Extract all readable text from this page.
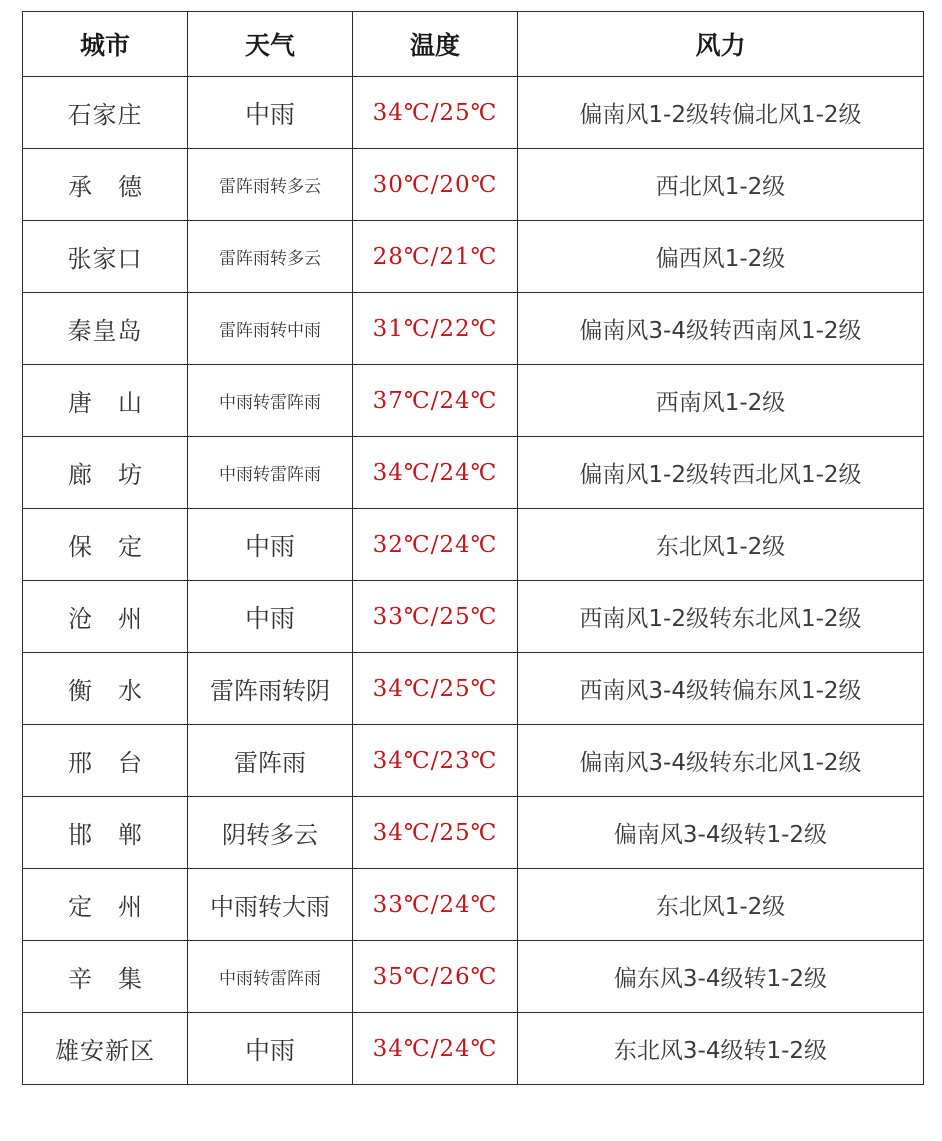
城市	天气	温度	风力
石家庄	中雨	34℃/25℃	偏南风1-2级转偏北风1-2级
承德	雷阵雨转多云	30℃/20℃	西北风1-2级
张家口	雷阵雨转多云	28℃/21℃	偏西风1-2级
秦皇岛	雷阵雨转中雨	31℃/22℃	偏南风3-4级转西南风1-2级
唐山	中雨转雷阵雨	37℃/24℃	西南风1-2级
廊坊	中雨转雷阵雨	34℃/24℃	偏南风1-2级转西北风1-2级
保定	中雨	32℃/24℃	东北风1-2级
沧州	中雨	33℃/25℃	西南风1-2级转东北风1-2级
衡水	雷阵雨转阴	34℃/25℃	西南风3-4级转偏东风1-2级
邢台	雷阵雨	34℃/23℃	偏南风3-4级转东北风1-2级
邯郸	阴转多云	34℃/25℃	偏南风3-4级转1-2级
定州	中雨转大雨	33℃/24℃	东北风1-2级
辛集	中雨转雷阵雨	35℃/26℃	偏东风3-4级转1-2级
雄安新区	中雨	34℃/24℃	东北风3-4级转1-2级
